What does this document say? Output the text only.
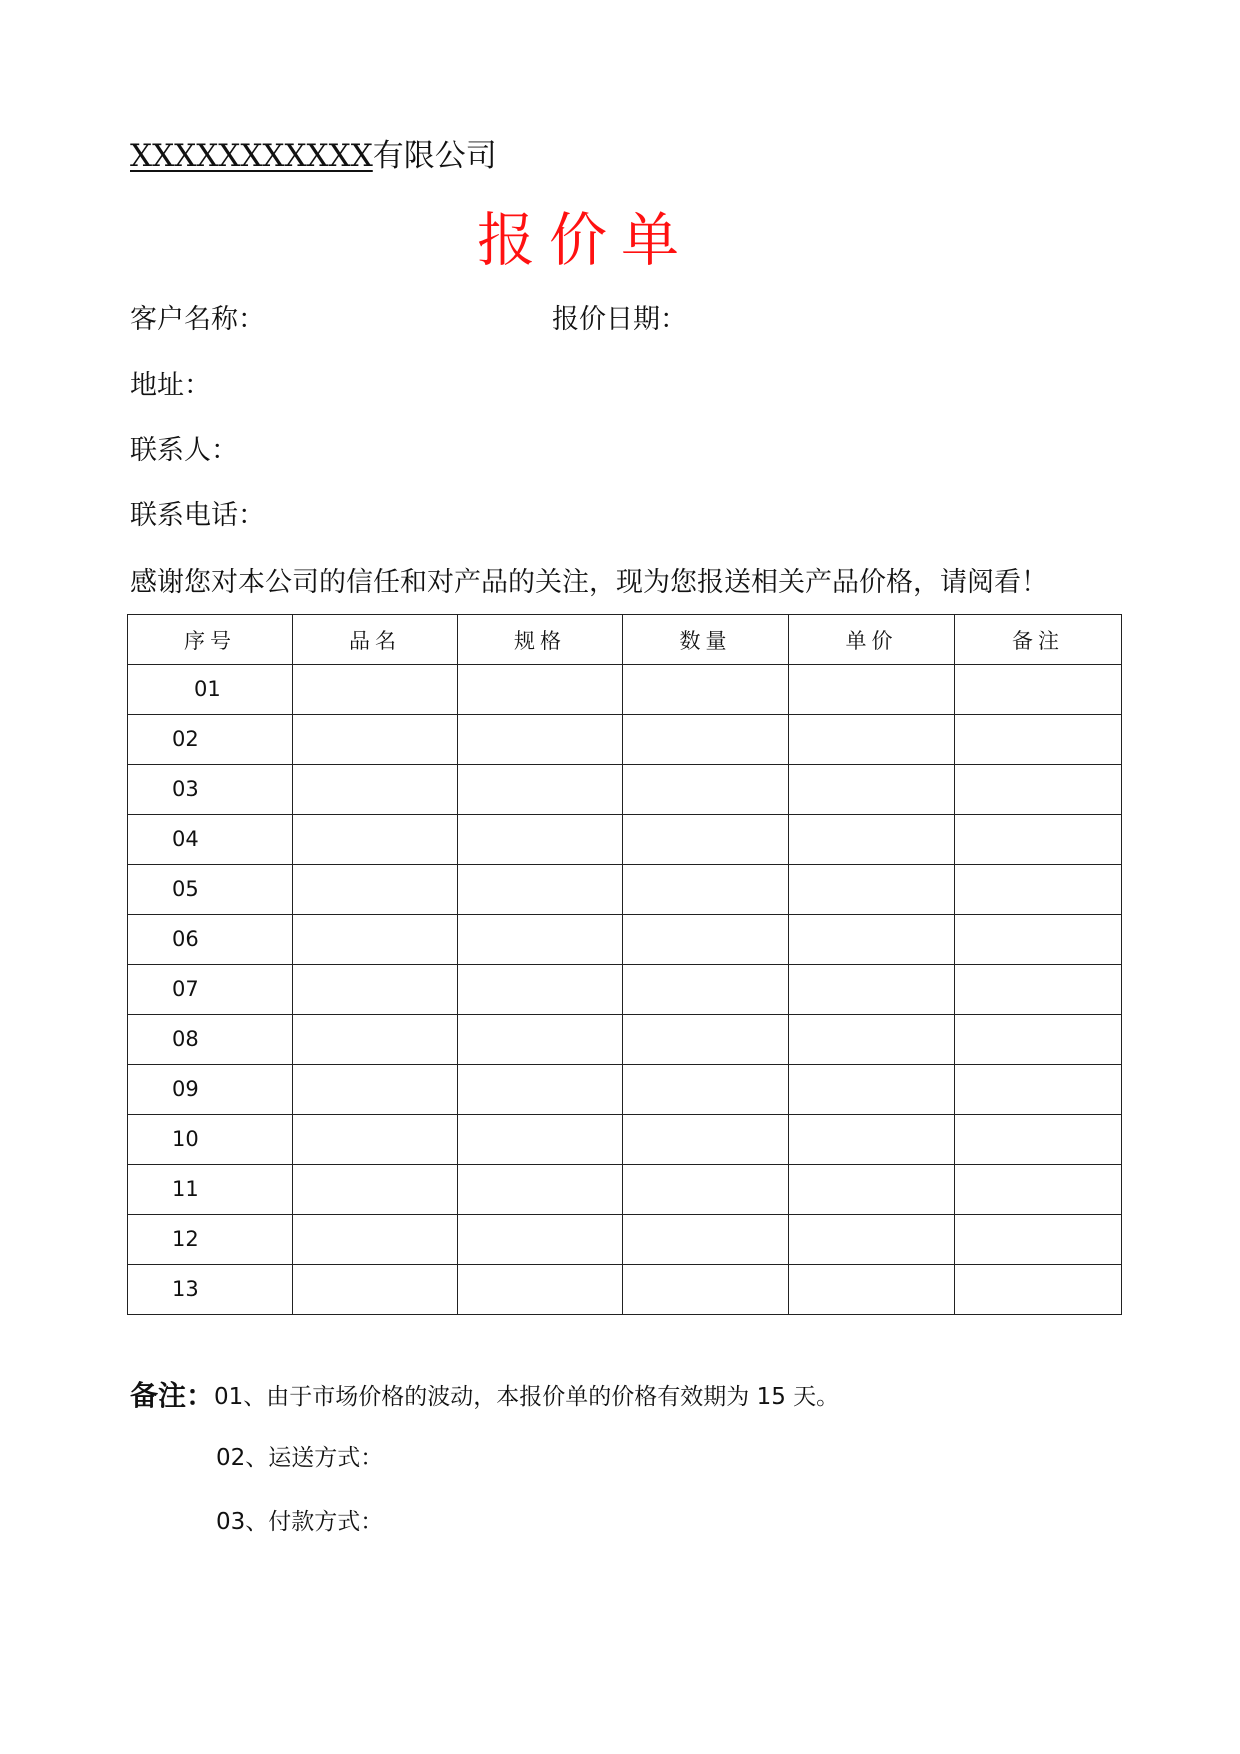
XXXXXXXXXXX有限公司
报价单
客户名称：	报价日期：
地址：
联系人：
联系电话：
感谢您对本公司的信任和对产品的关注，现为您报送相关产品价格，请阅看！
序号	品名	规格	数量	单价	备注
01					
02					
03					
04					
05					
06					
07					
08					
09					
10					
11					
12					
13					
备注：01、由于市场价格的波动，本报价单的价格有效期为 15 天。
02、运送方式：
03、付款方式：
